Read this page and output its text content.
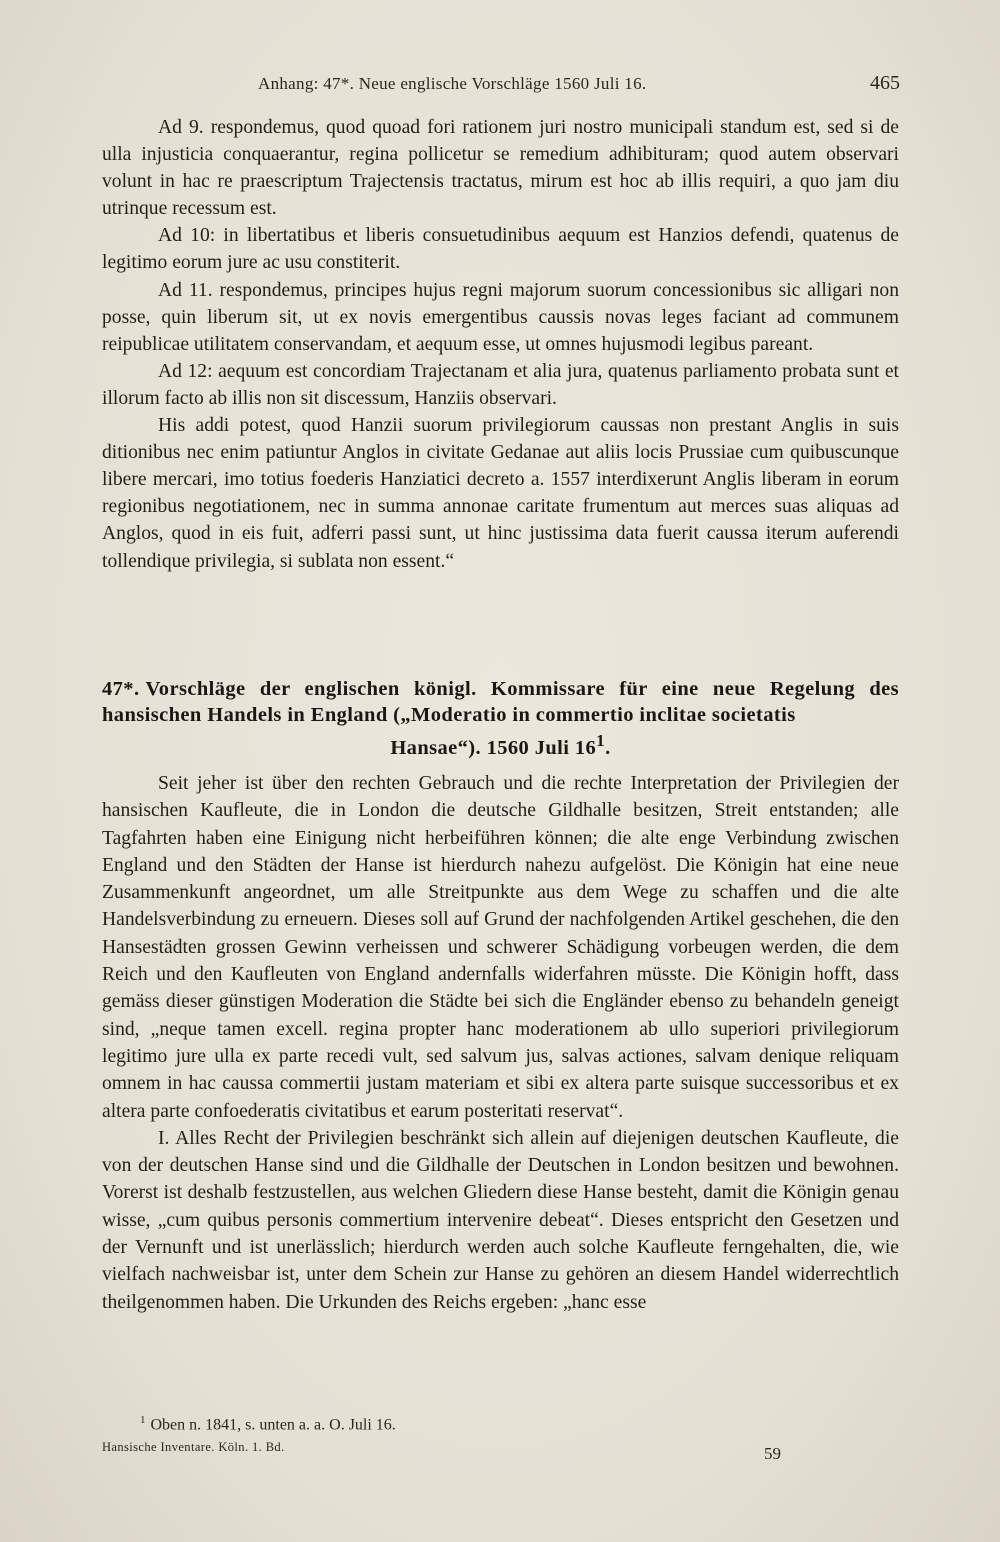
Anhang: 47*. Neue englische Vorschläge 1560 Juli 16.	465

Ad 9. respondemus, quod quoad fori rationem juri nostro municipali standum est, sed si de ulla injusticia conquaerantur, regina pollicetur se remedium adhibituram; quod autem observari volunt in hac re praescriptum Trajectensis tractatus, mirum est hoc ab illis requiri, a quo jam diu utrinque recessum est.

Ad 10: in libertatibus et liberis consuetudinibus aequum est Hanzios defendi, quatenus de legitimo eorum jure ac usu constiterit.

Ad 11. respondemus, principes hujus regni majorum suorum concessionibus sic alligari non posse, quin liberum sit, ut ex novis emergentibus caussis novas leges faciant ad communem reipublicae utilitatem conservandam, et aequum esse, ut omnes hujusmodi legibus pareant.

Ad 12: aequum est concordiam Trajectanam et alia jura, quatenus parliamento probata sunt et illorum facto ab illis non sit discessum, Hanziis observari.

His addi potest, quod Hanzii suorum privilegiorum caussas non prestant Anglis in suis ditionibus nec enim patiuntur Anglos in civitate Gedanae aut aliis locis Prussiae cum quibuscunque libere mercari, imo totius foederis Hanziatici decreto a. 1557 interdixerunt Anglis liberam in eorum regionibus negotiationem, nec in summa annonae caritate frumentum aut merces suas aliquas ad Anglos, quod in eis fuit, adferri passi sunt, ut hinc justissima data fuerit caussa iterum auferendi tollendique privilegia, si sublata non essent.“

47*. Vorschläge der englischen königl. Kommissare für eine neue Regelung des hansischen Handels in England („Moderatio in commertio inclitae societatis
Hansae“). 1560 Juli $16^1$.

Seit jeher ist über den rechten Gebrauch und die rechte Interpretation der Privilegien der hansischen Kaufleute, die in London die deutsche Gildhalle besitzen, Streit entstanden; alle Tagfahrten haben eine Einigung nicht herbeiführen können; die alte enge Verbindung zwischen England und den Städten der Hanse ist hierdurch nahezu aufgelöst. Die Königin hat eine neue Zusammenkunft angeordnet, um alle Streitpunkte aus dem Wege zu schaffen und die alte Handelsverbindung zu erneuern. Dieses soll auf Grund der nachfolgenden Artikel geschehen, die den Hansestädten grossen Gewinn verheissen und schwerer Schädigung vorbeugen werden, die dem Reich und den Kaufleuten von England andernfalls widerfahren müsste. Die Königin hofft, dass gemäss dieser günstigen Moderation die Städte bei sich die Engländer ebenso zu behandeln geneigt sind, „neque tamen excell. regina propter hanc moderationem ab ullo superiori privilegiorum legitimo jure ulla ex parte recedi vult, sed salvum jus, salvas actiones, salvam denique reliquam omnem in hac caussa commertii justam materiam et sibi ex altera parte suisque successoribus et ex altera parte confoederatis civitatibus et earum posteritati reservat“.

I. Alles Recht der Privilegien beschränkt sich allein auf diejenigen deutschen Kaufleute, die von der deutschen Hanse sind und die Gildhalle der Deutschen in London besitzen und bewohnen. Vorerst ist deshalb festzustellen, aus welchen Gliedern diese Hanse besteht, damit die Königin genau wisse, „cum quibus personis commertium intervenire debeat“. Dieses entspricht den Gesetzen und der Vernunft und ist unerlässlich; hierdurch werden auch solche Kaufleute ferngehalten, die, wie vielfach nachweisbar ist, unter dem Schein zur Hanse zu gehören an diesem Handel widerrechtlich theilgenommen haben. Die Urkunden des Reichs ergeben: „hanc esse

$^1$ Oben n. 1841, s. unten a. a. O. Juli 16.
Hansische Inventare. Köln. 1. Bd.	59
